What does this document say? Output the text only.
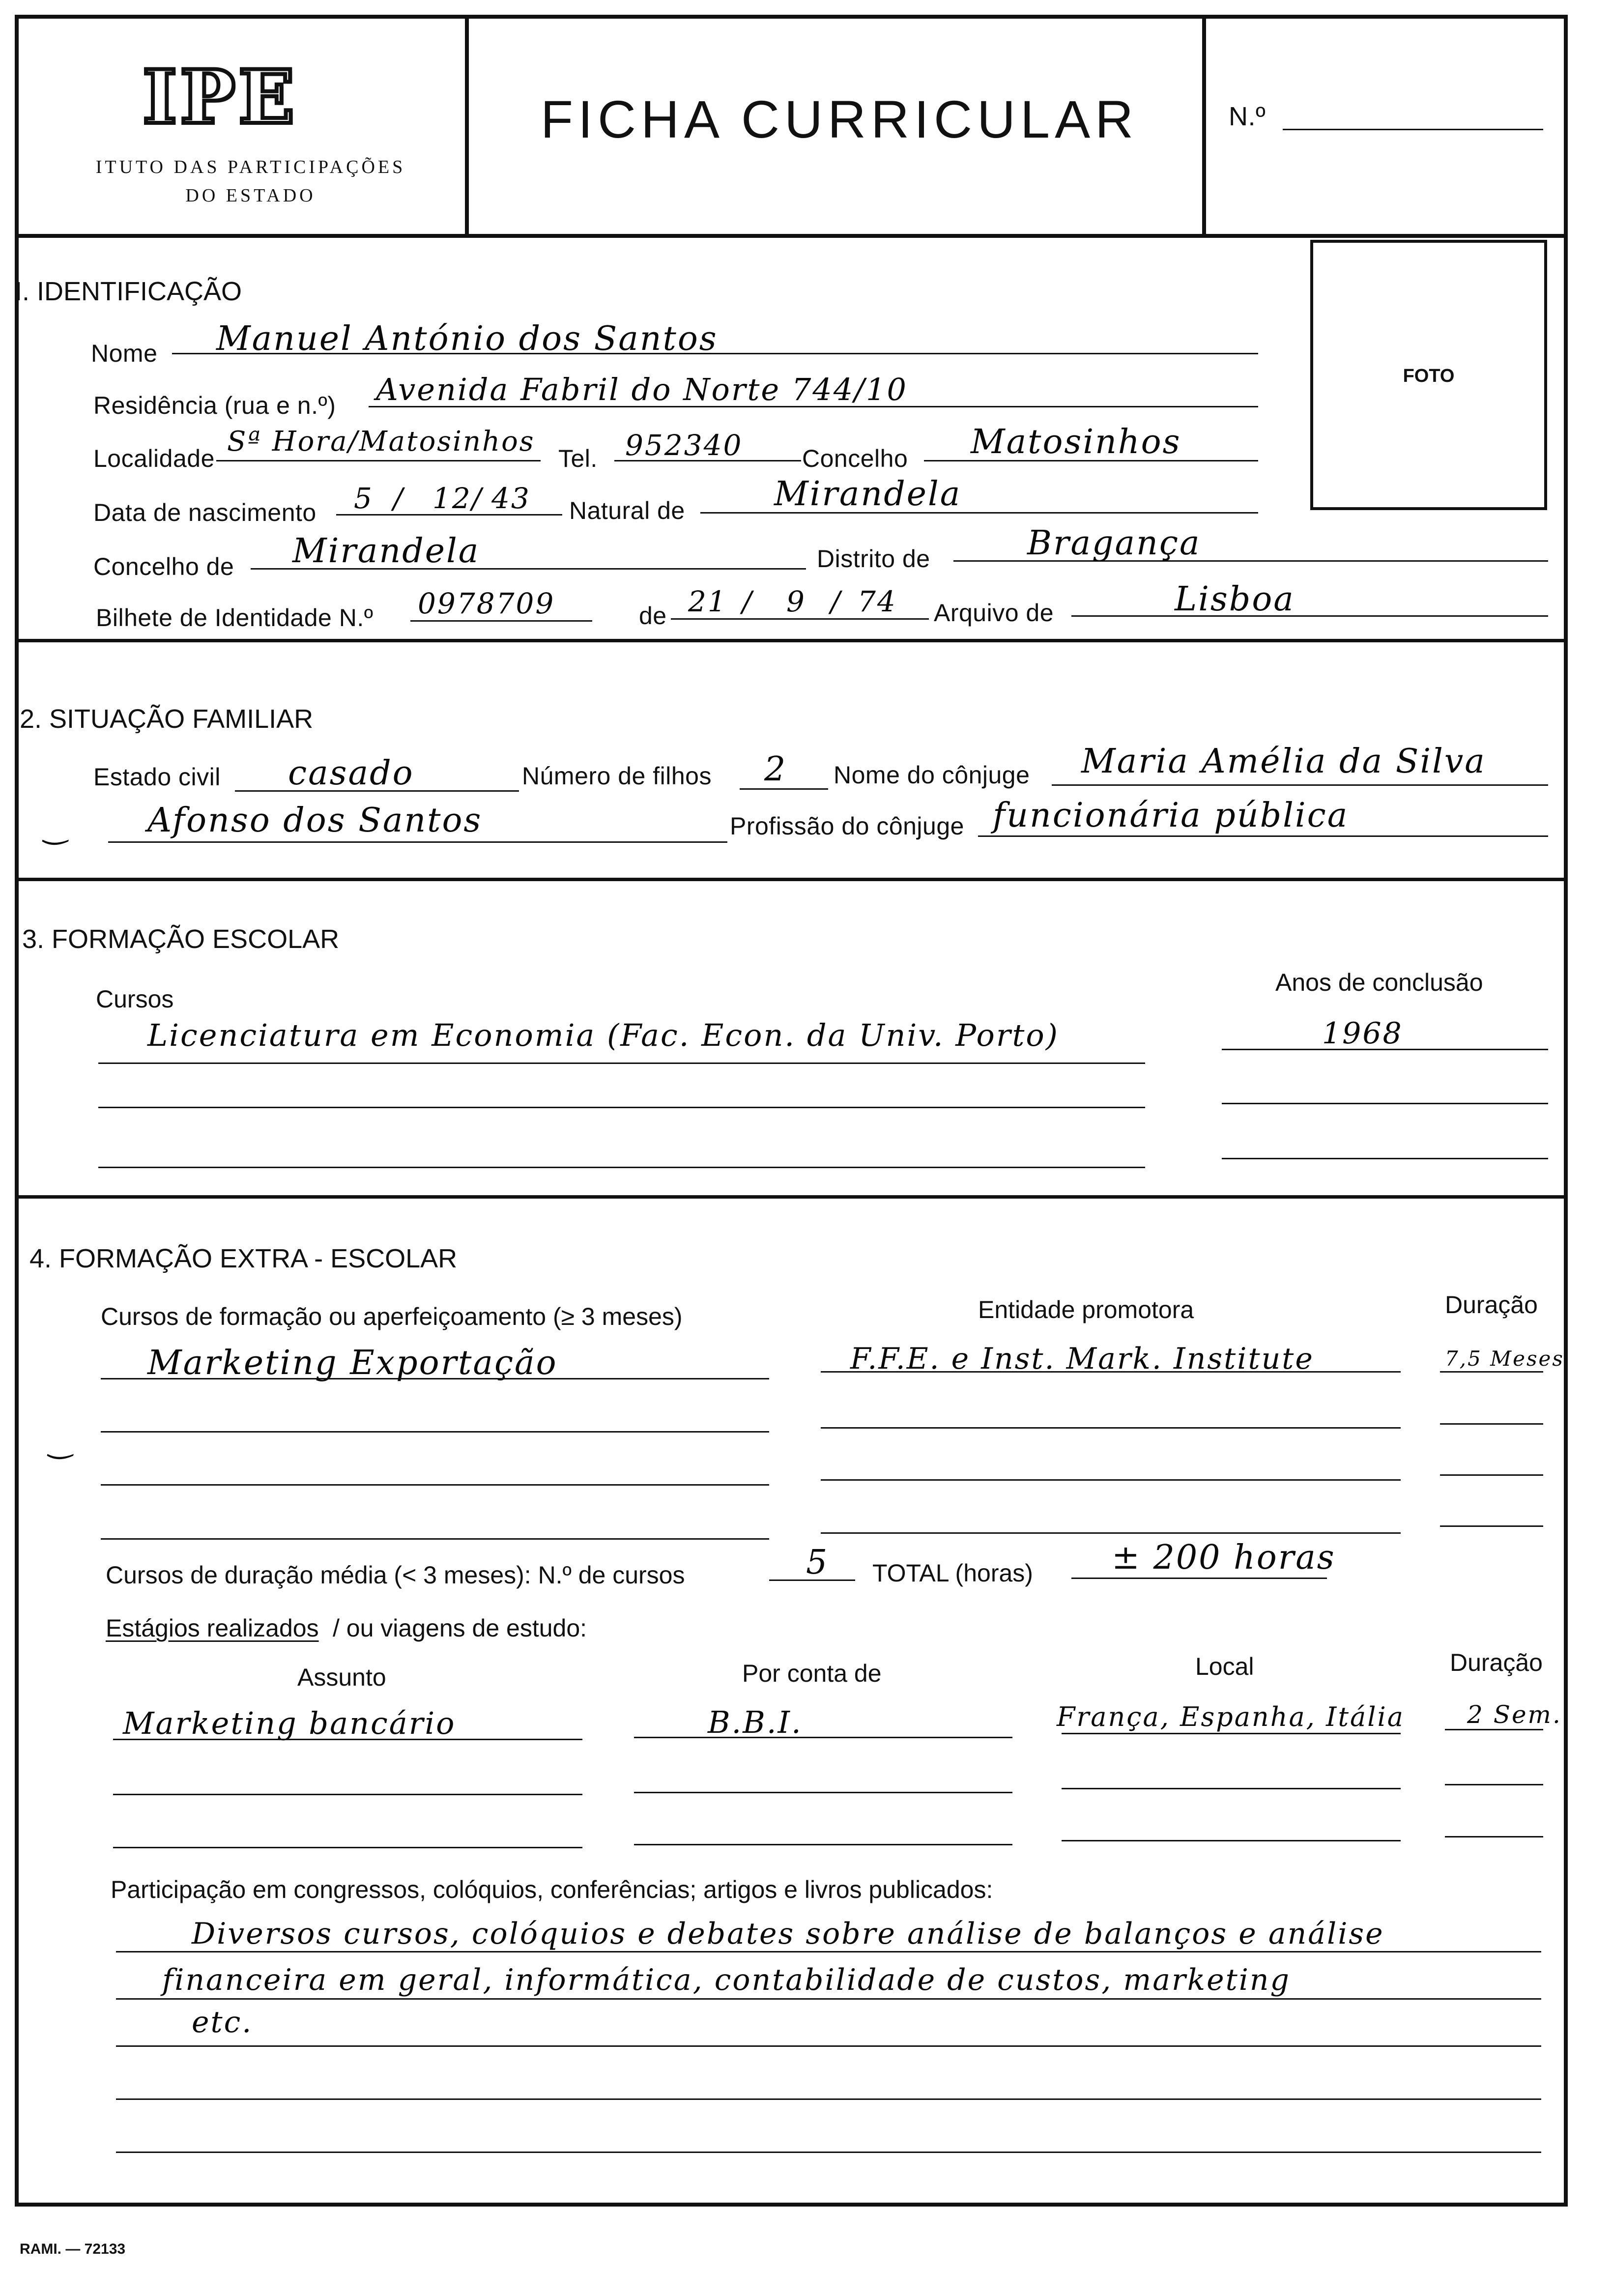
IPE
ITUTO DAS PARTICIPAÇÕES
DO ESTADO
FICHA CURRICULAR	N.º
FOTO
I. IDENTIFICAÇÃO
Nome Manuel António dos Santos
Residência (rua e n.º) Avenida Fabril do Norte 744/10
Localidade
Sª Hora/Matosinhos
Tel. 952340 Concelho Matosinhos
Data de nascimento 5 / 12 / 43 Natural de	Mirandela
Concelho de Mirandela	Distrito de	Bragança
Bilhete de Identidade N.º 0978709	de 21 / 9 / 74 Arquivo de	Lisboa
2. SITUAÇÃO FAMILIAR
Estado civil casado	Número de filhos 2 Nome do cônjuge Maria Amélia da Silva
‿ Afonso dos Santos	Profissão do cônjuge funcionária pública
3. FORMAÇÃO ESCOLAR
Cursos
Anos de conclusão
Licenciatura em Economia (Fac. Econ. da Univ. Porto)	1968
4. FORMAÇÃO EXTRA - ESCOLAR
Cursos de formação ou aperfeiçoamento (≥ 3 meses)	Entidade promotora	Duração
Marketing Exportação	F.F.E. e Inst. Mark. Institute	7,5 Meses
‿
Cursos de duração média (< 3 meses): N.º de cursos	5 TOTAL (horas) ± 200 horas
Estágios realizados / ou viagens de estudo:
Assunto	Por conta de	Local	Duração
Marketing bancário	B.B.I.	França, Espanha, Itália	2 Sem.
Participação em congressos, colóquios, conferências; artigos e livros publicados:
Diversos cursos, colóquios e debates sobre análise de balanços e análise
financeira em geral, informática, contabilidade de custos, marketing
etc.
RAMI. — 72133
